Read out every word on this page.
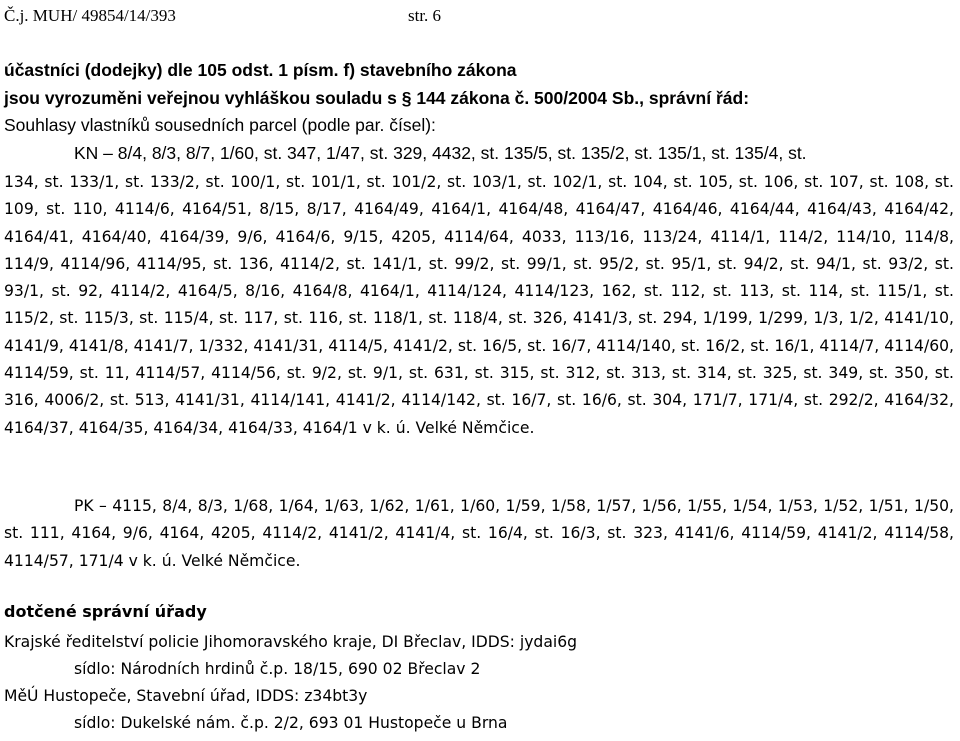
Č.j. MUH/ 49854/14/393	str. 6
účastníci (dodejky) dle 105 odst. 1 písm. f) stavebního zákona
jsou vyrozuměni veřejnou vyhláškou souladu s § 144 zákona č. 500/2004 Sb., správní řád:
Souhlasy vlastníků sousedních parcel (podle par. čísel):
KN – 8/4, 8/3, 8/7, 1/60, st. 347, 1/47, st. 329, 4432, st. 135/5, st. 135/2, st. 135/1, st. 135/4, st.
134, st. 133/1, st. 133/2, st. 100/1, st. 101/1, st. 101/2, st. 103/1, st. 102/1, st. 104, st. 105, st. 106, st. 107, st. 108, st. 109, st. 110, 4114/6, 4164/51, 8/15, 8/17, 4164/49, 4164/1, 4164/48, 4164/47, 4164/46, 4164/44, 4164/43, 4164/42, 4164/41, 4164/40, 4164/39, 9/6, 4164/6, 9/15, 4205, 4114/64, 4033, 113/16, 113/24, 4114/1, 114/2, 114/10, 114/8, 114/9, 4114/96, 4114/95, st. 136, 4114/2, st. 141/1, st. 99/2, st. 99/1, st. 95/2, st. 95/1, st. 94/2, st. 94/1, st. 93/2, st. 93/1, st. 92, 4114/2, 4164/5, 8/16, 4164/8, 4164/1, 4114/124, 4114/123, 162, st. 112, st. 113, st. 114, st. 115/1, st. 115/2, st. 115/3, st. 115/4, st. 117, st. 116, st. 118/1, st. 118/4, st. 326, 4141/3, st. 294, 1/199, 1/299, 1/3, 1/2, 4141/10, 4141/9, 4141/8, 4141/7, 1/332, 4141/31, 4114/5, 4141/2, st. 16/5, st. 16/7, 4114/140, st. 16/2, st. 16/1, 4114/7, 4114/60, 4114/59, st. 11, 4114/57, 4114/56, st. 9/2, st. 9/1, st. 631, st. 315, st. 312, st. 313, st. 314, st. 325, st. 349, st. 350, st. 316, 4006/2, st. 513, 4141/31, 4114/141, 4141/2, 4114/142, st. 16/7, st. 16/6, st. 304, 171/7, 171/4, st. 292/2, 4164/32, 4164/37, 4164/35, 4164/34, 4164/33, 4164/1 v k. ú. Velké Němčice.
PK – 4115, 8/4, 8/3, 1/68, 1/64, 1/63, 1/62, 1/61, 1/60, 1/59, 1/58, 1/57, 1/56, 1/55, 1/54, 1/53, 1/52, 1/51, 1/50, st. 111, 4164, 9/6, 4164, 4205, 4114/2, 4141/2, 4141/4, st. 16/4, st. 16/3, st. 323, 4141/6, 4114/59, 4141/2, 4114/58, 4114/57, 171/4 v k. ú. Velké Němčice.
dotčené správní úřady
Krajské ředitelství policie Jihomoravského kraje, DI Břeclav, IDDS: jydai6g
sídlo: Národních hrdinů č.p. 18/15, 690 02 Břeclav 2
MěÚ Hustopeče, Stavební úřad, IDDS: z34bt3y
sídlo: Dukelské nám. č.p. 2/2, 693 01 Hustopeče u Brna
